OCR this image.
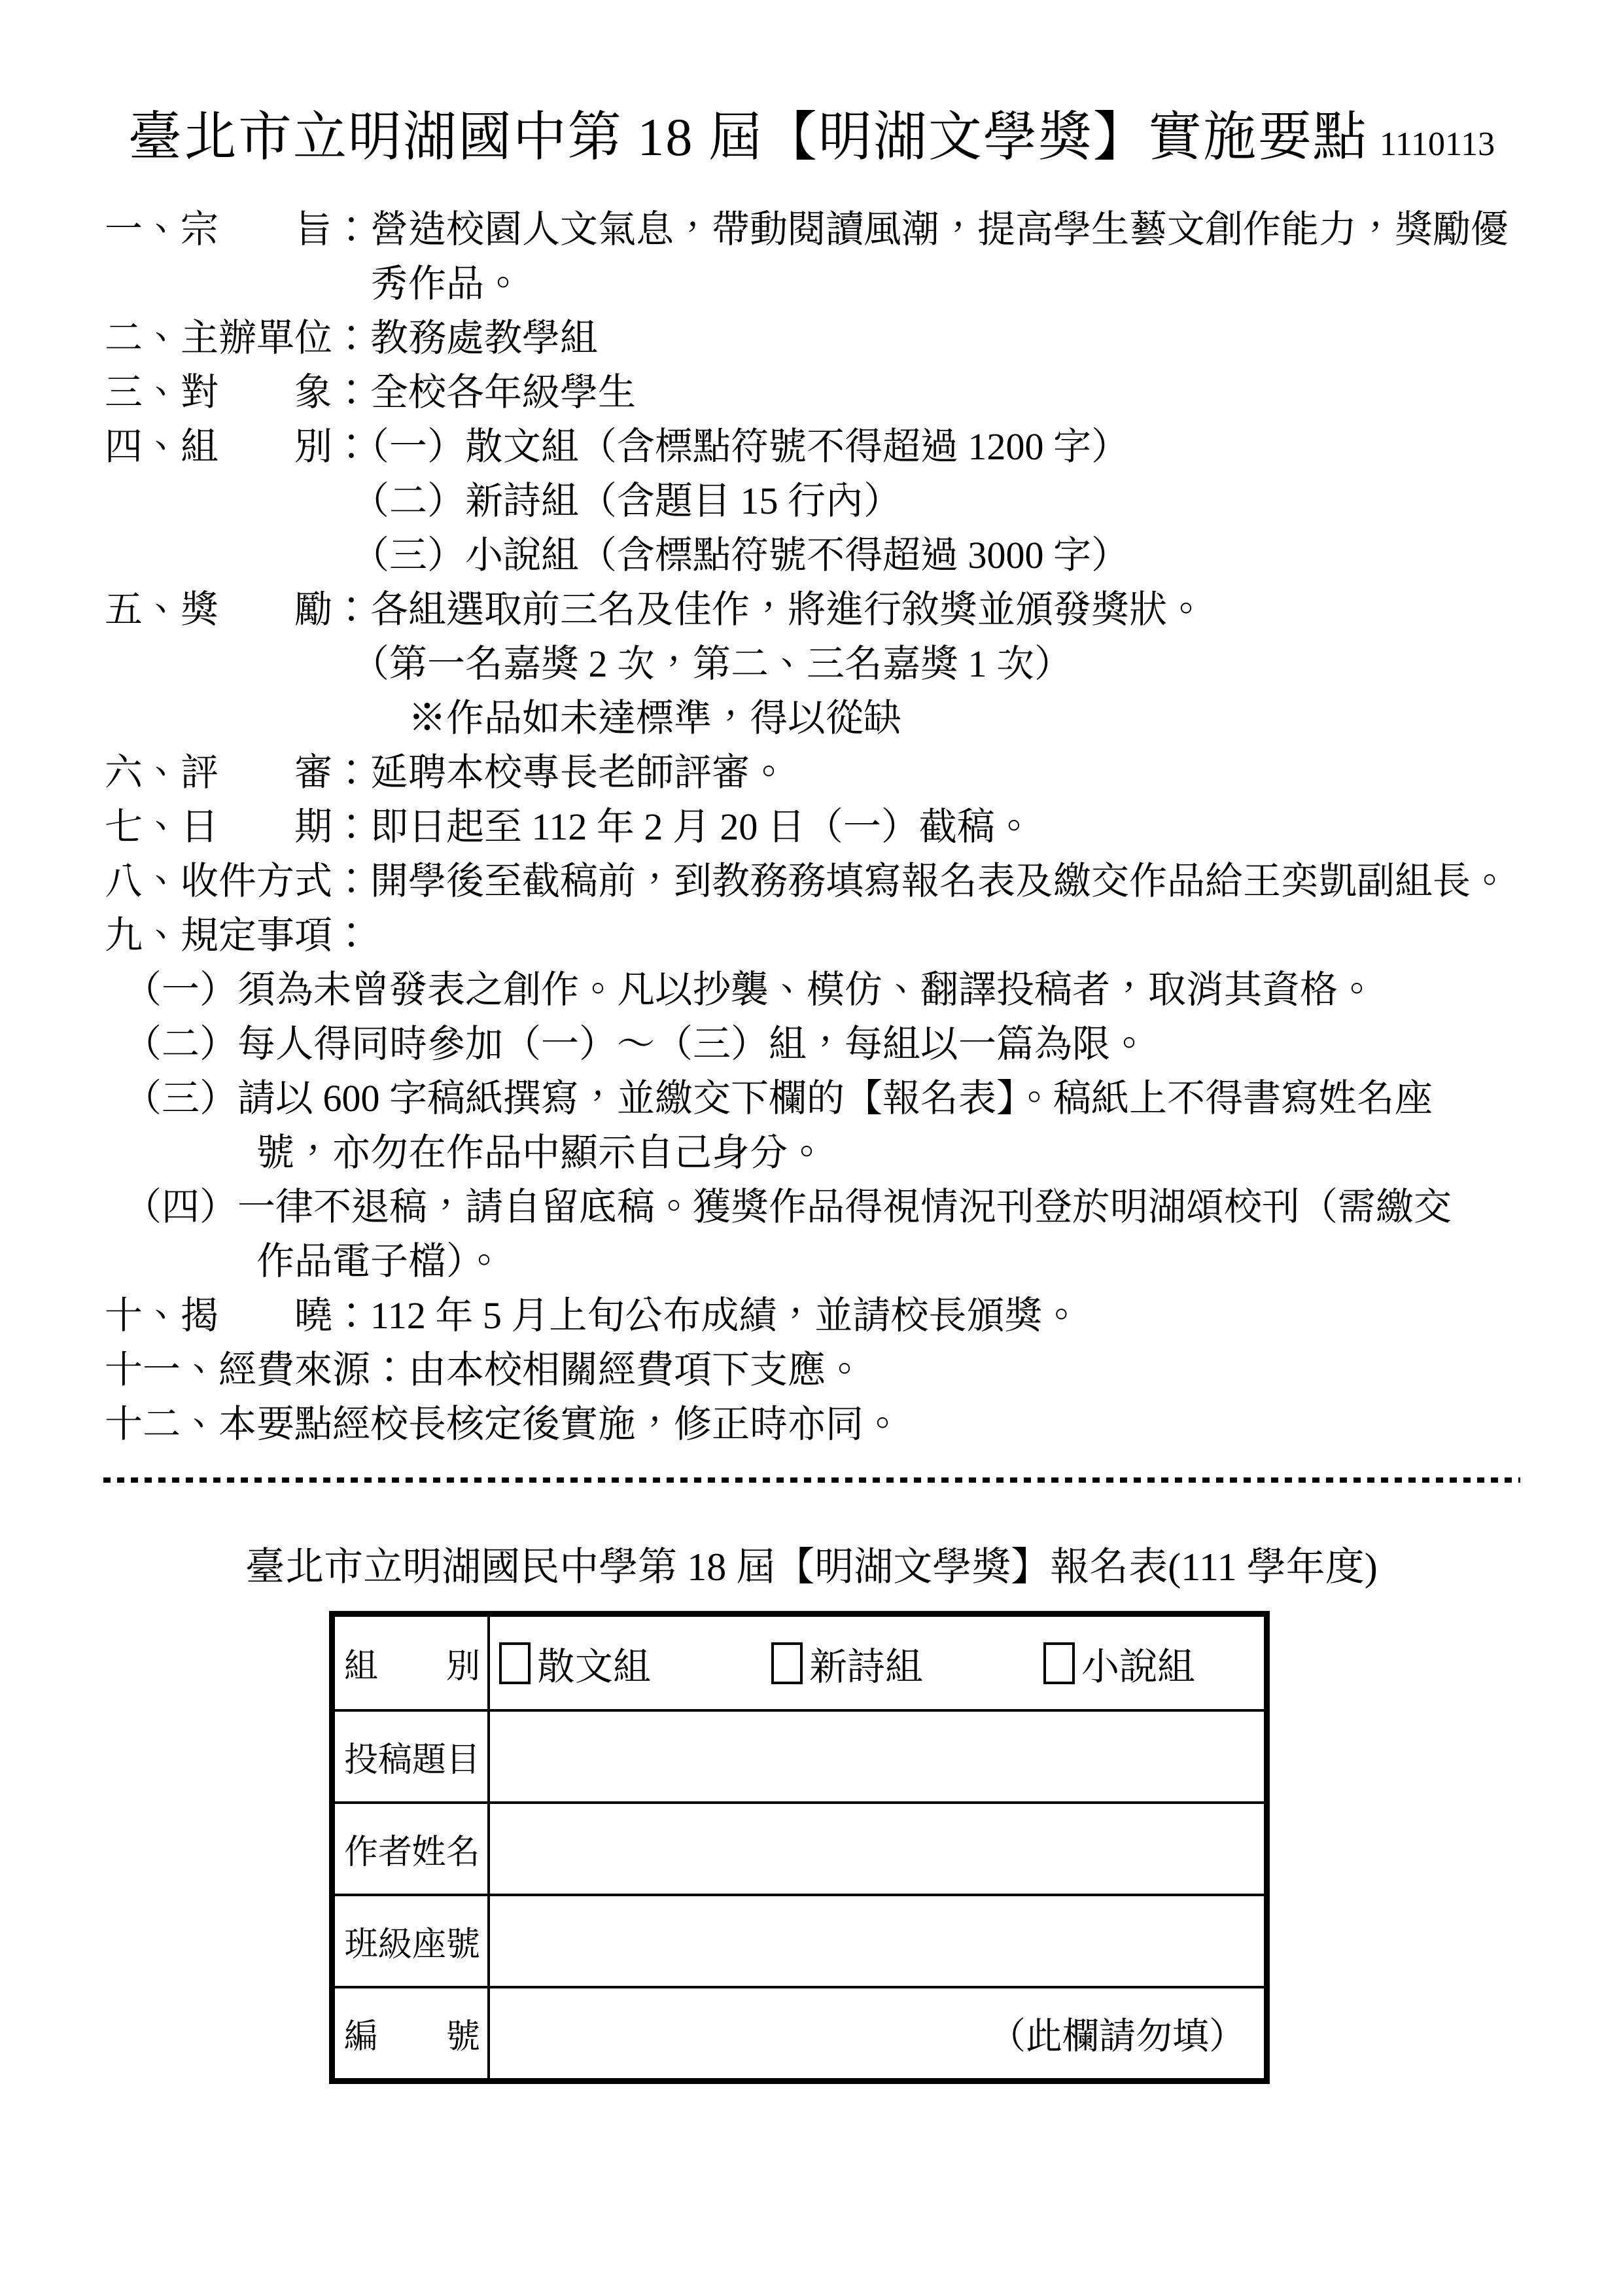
臺北市立明湖國中第 18 屆【明湖文學獎】實施要點 1110113
一、宗　　旨：營造校園人文氣息，帶動閱讀風潮，提高學生藝文創作能力，獎勵優
　　　　　　　秀作品。
二、主辦單位：教務處教學組
三、對　　象：全校各年級學生
四、組　　別：（一）散文組（含標點符號不得超過 1200 字）
　　　　　　　（二）新詩組（含題目 15 行內）
　　　　　　　（三）小說組（含標點符號不得超過 3000 字）
五、獎　　勵：各組選取前三名及佳作，將進行敘獎並頒發獎狀。
　　　　　　　（第一名嘉獎 2 次，第二、三名嘉獎 1 次）
　　　　　　　　※作品如未達標準，得以從缺
六、評　　審：延聘本校專長老師評審。
七、日　　期：即日起至 112 年 2 月 20 日（一）截稿。
八、收件方式：開學後至截稿前，到教務務填寫報名表及繳交作品給王奕凱副組長。
九、規定事項：
　（一）須為未曾發表之創作。凡以抄襲、模仿、翻譯投稿者，取消其資格。
　（二）每人得同時參加（一）～（三）組，每組以一篇為限。
　（三）請以 600 字稿紙撰寫，並繳交下欄的【報名表】。稿紙上不得書寫姓名座
　　　　號，亦勿在作品中顯示自己身分。
　（四）一律不退稿，請自留底稿。獲獎作品得視情況刊登於明湖頌校刊（需繳交
　　　　作品電子檔）。
十、揭　　曉：112 年 5 月上旬公布成績，並請校長頒獎。
十一、經費來源：由本校相關經費項下支應。
十二、本要點經校長核定後實施，修正時亦同。
臺北市立明湖國民中學第 18 屆【明湖文學獎】報名表(111 學年度)
組　　別 散文組	新詩組	小說組
投稿題目
作者姓名
班級座號
編　　號	（此欄請勿填）
